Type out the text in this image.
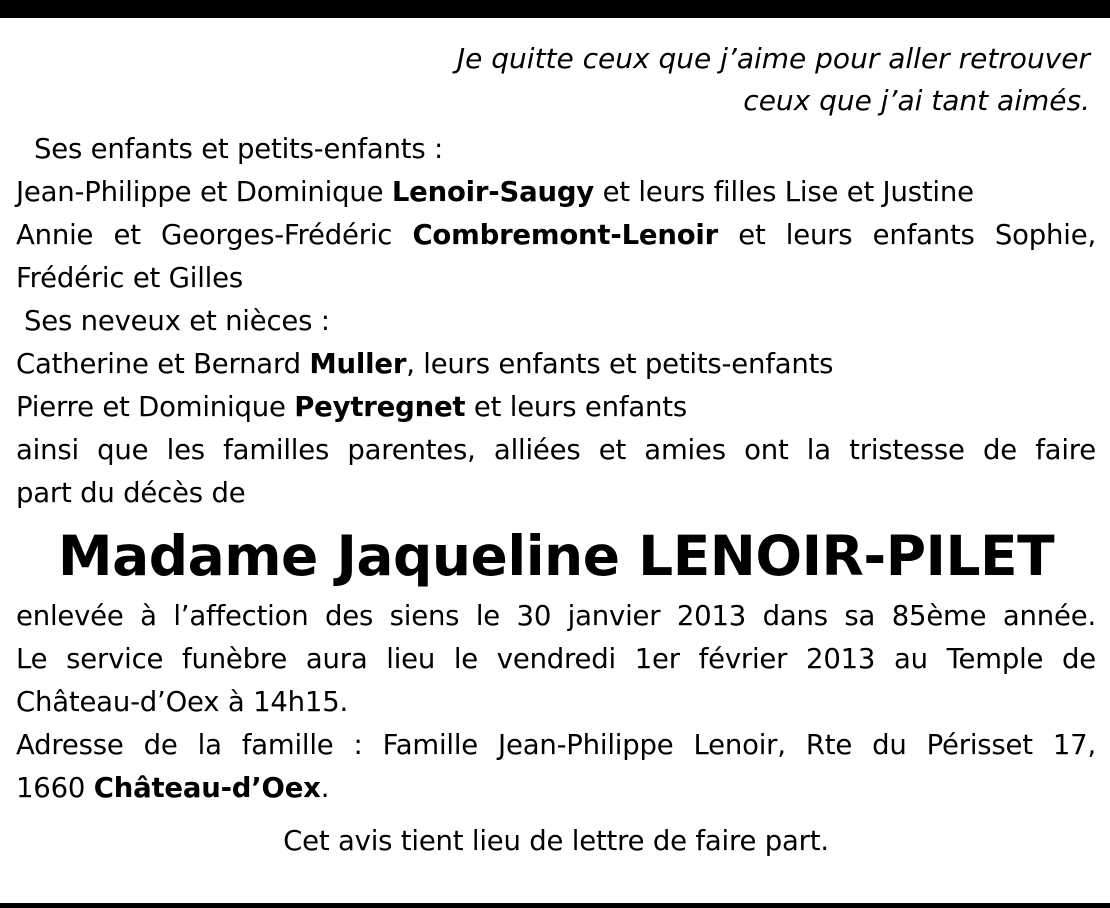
Je quitte ceux que j’aime pour aller retrouver
ceux que j’ai tant aimés.
Ses enfants et petits-enfants :
Jean-Philippe et Dominique Lenoir-Saugy et leurs filles Lise et Justine
Annie et Georges-Frédéric Combremont-Lenoir et leurs enfants Sophie,
Frédéric et Gilles
Ses neveux et nièces :
Catherine et Bernard Muller, leurs enfants et petits-enfants
Pierre et Dominique Peytregnet et leurs enfants
ainsi que les familles parentes, alliées et amies ont la tristesse de faire
part du décès de
Madame Jaqueline LENOIR-PILET
enlevée à l’affection des siens le 30 janvier 2013 dans sa 85ème année.
Le service funèbre aura lieu le vendredi 1er février 2013 au Temple de
Château-d’Oex à 14h15.
Adresse de la famille : Famille Jean-Philippe Lenoir, Rte du Périsset 17,
1660 Château-d’Oex.
Cet avis tient lieu de lettre de faire part.
